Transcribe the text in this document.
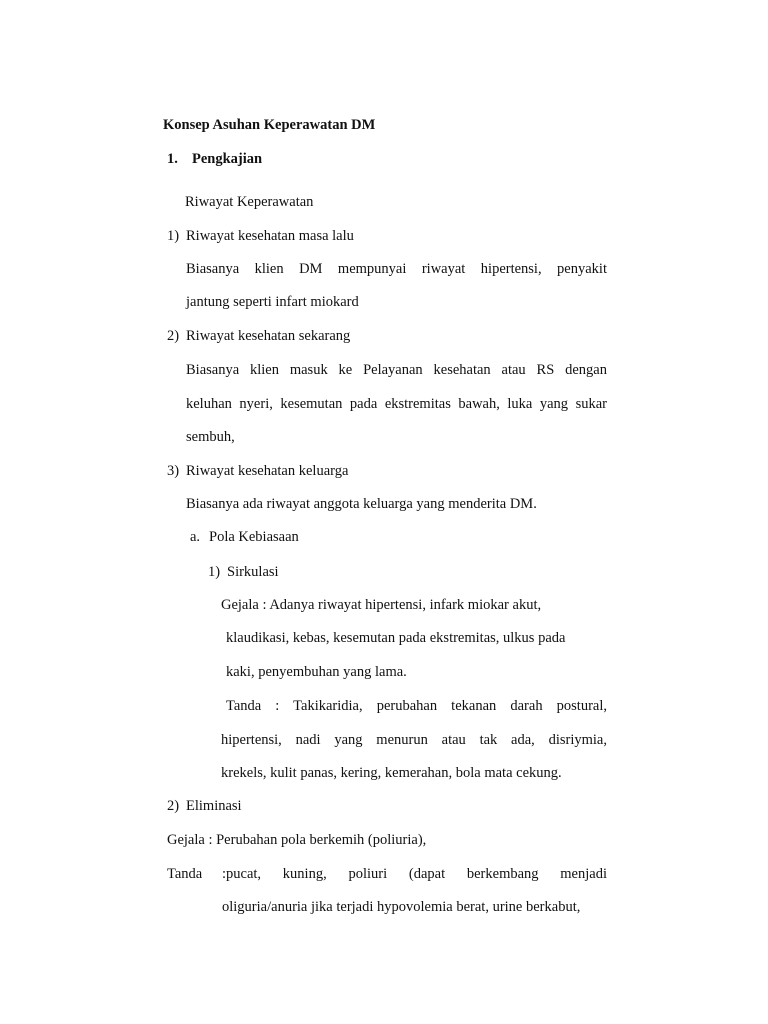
Konsep Asuhan Keperawatan DM
1. Pengkajian
Riwayat Keperawatan
1) Riwayat kesehatan masa lalu
Biasanya klien DM mempunyai riwayat hipertensi, penyakit
jantung seperti infart miokard
2) Riwayat kesehatan sekarang
Biasanya klien masuk ke Pelayanan kesehatan atau RS dengan
keluhan nyeri, kesemutan pada ekstremitas bawah, luka yang sukar
sembuh,
3) Riwayat kesehatan keluarga
Biasanya ada riwayat anggota keluarga yang menderita DM.
a. Pola Kebiasaan
1) Sirkulasi
Gejala : Adanya riwayat hipertensi, infark miokar akut,
klaudikasi, kebas, kesemutan pada ekstremitas, ulkus pada
kaki, penyembuhan yang lama.
Tanda : Takikaridia, perubahan tekanan darah postural,
hipertensi, nadi yang menurun atau tak ada, disriymia,
krekels, kulit panas, kering, kemerahan, bola mata cekung.
2) Eliminasi
Gejala : Perubahan pola berkemih (poliuria),
Tanda :pucat, kuning, poliuri (dapat berkembang menjadi
oliguria/anuria jika terjadi hypovolemia berat, urine berkabut,
